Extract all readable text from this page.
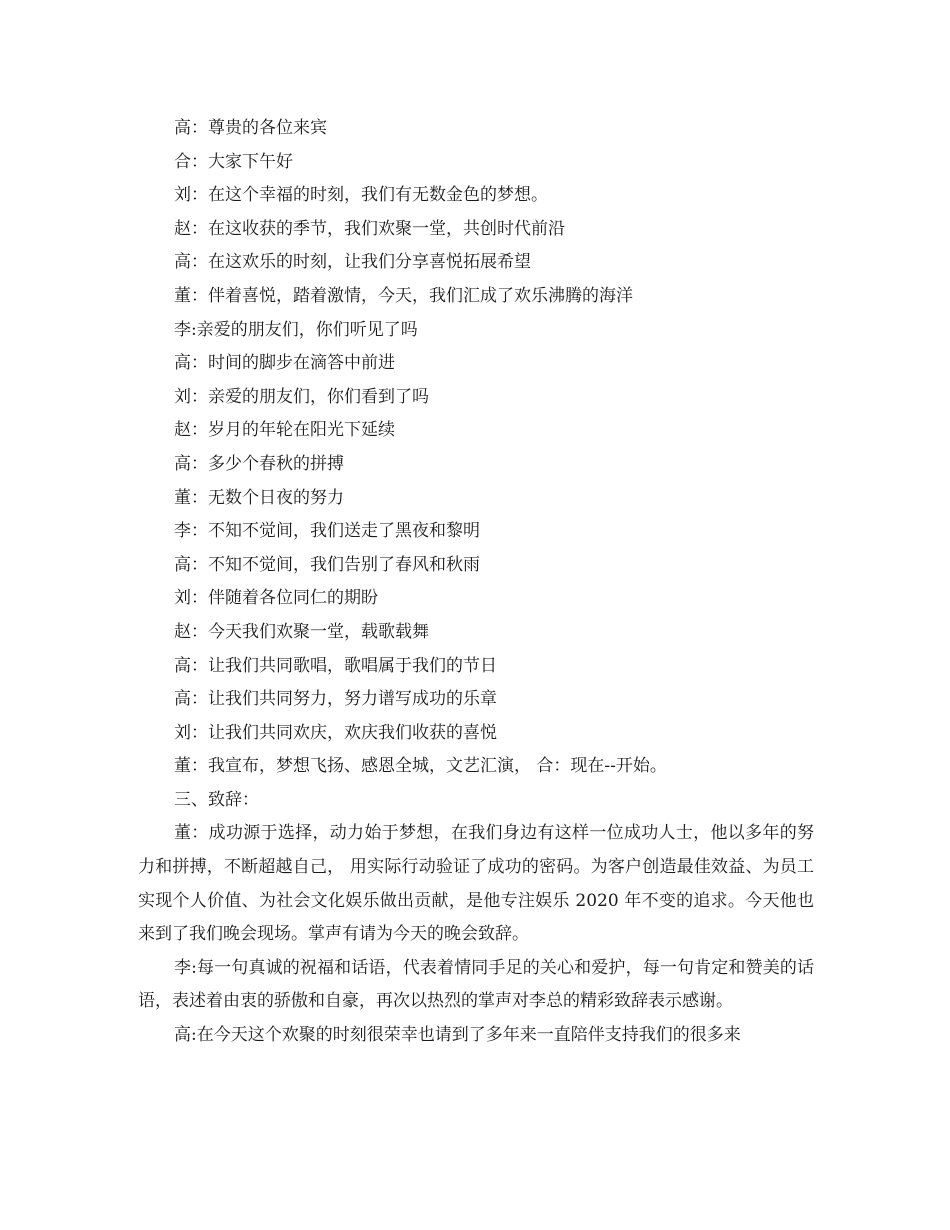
高：尊贵的各位来宾

合：大家下午好

刘：在这个幸福的时刻，我们有无数金色的梦想。

赵：在这收获的季节，我们欢聚一堂，共创时代前沿

高：在这欢乐的时刻，让我们分享喜悦拓展希望

董：伴着喜悦，踏着激情，今天，我们汇成了欢乐沸腾的海洋

李:亲爱的朋友们，你们听见了吗

高：时间的脚步在滴答中前进

刘：亲爱的朋友们，你们看到了吗

赵：岁月的年轮在阳光下延续

高：多少个春秋的拼搏

董：无数个日夜的努力

李：不知不觉间，我们送走了黑夜和黎明

高：不知不觉间，我们告别了春风和秋雨

刘：伴随着各位同仁的期盼

赵：今天我们欢聚一堂，载歌载舞

高：让我们共同歌唱，歌唱属于我们的节日

高：让我们共同努力，努力谱写成功的乐章

刘：让我们共同欢庆，欢庆我们收获的喜悦

董：我宣布，梦想飞扬、感恩全城，文艺汇演， 合：现在--开始。

三、致辞：

董：成功源于选择，动力始于梦想，在我们身边有这样一位成功人士，他以多年的努力和拼搏，不断超越自己， 用实际行动验证了成功的密码。为客户创造最佳效益、为员工实现个人价值、为社会文化娱乐做出贡献，是他专注娱乐 2020 年不变的追求。今天他也来到了我们晚会现场。掌声有请为今天的晚会致辞。

李:每一句真诚的祝福和话语，代表着情同手足的关心和爱护，每一句肯定和赞美的话语，表述着由衷的骄傲和自豪，再次以热烈的掌声对李总的精彩致辞表示感谢。

高:在今天这个欢聚的时刻很荣幸也请到了多年来一直陪伴支持我们的很多来
